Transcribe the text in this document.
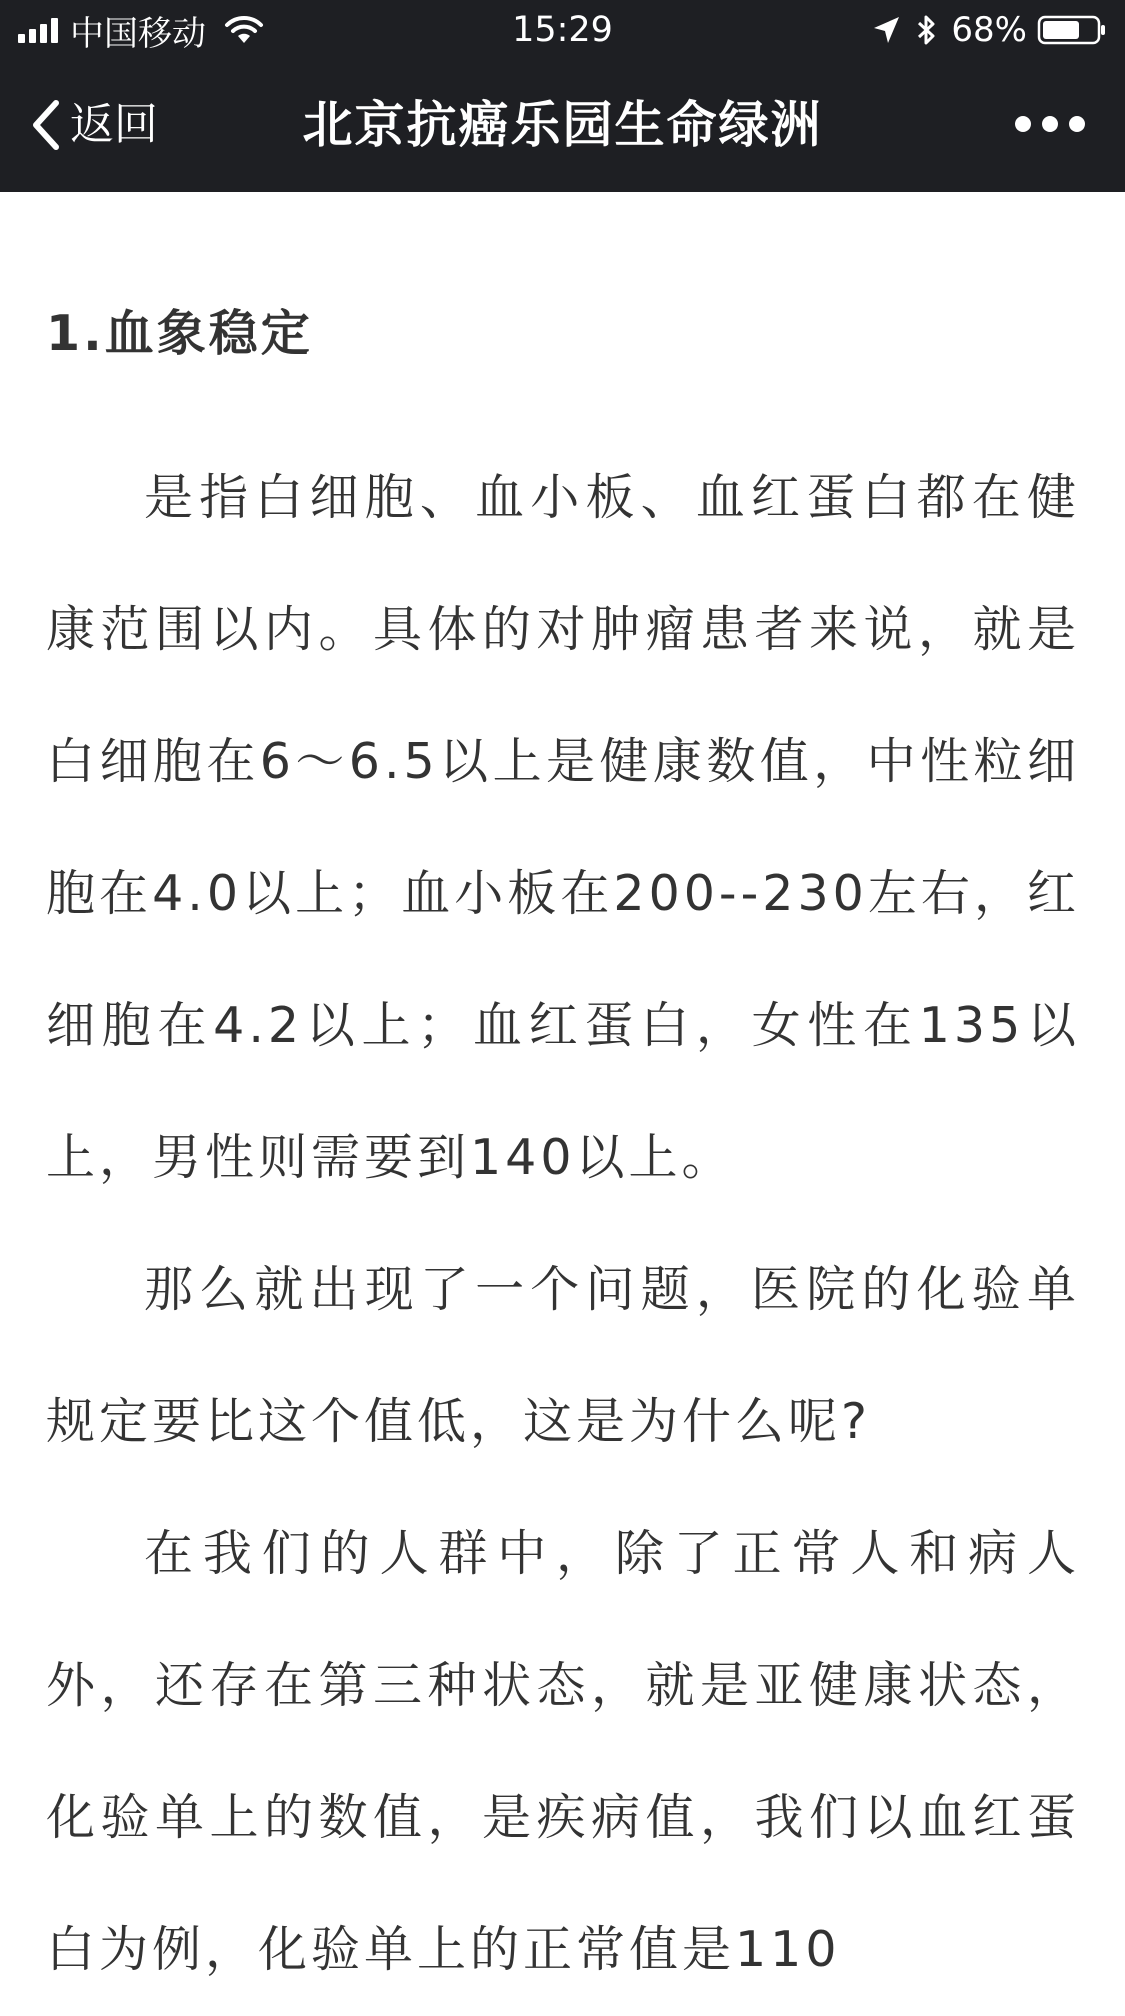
中国移动	15:29	68%
返回	北京抗癌乐园生命绿洲
1.血象稳定

是指白细胞、血小板、血红蛋白都在健康范围以内。具体的对肿瘤患者来说，就是白细胞在6～6.5以上是健康数值，中性粒细胞在4.0以上；血小板在200--230左右，红细胞在4.2以上；血红蛋白，女性在135以上，男性则需要到140以上。

那么就出现了一个问题，医院的化验单规定要比这个值低，这是为什么呢?

在我们的人群中，除了正常人和病人外，还存在第三种状态，就是亚健康状态，化验单上的数值，是疾病值，我们以血红蛋白为例，化验单上的正常值是110
